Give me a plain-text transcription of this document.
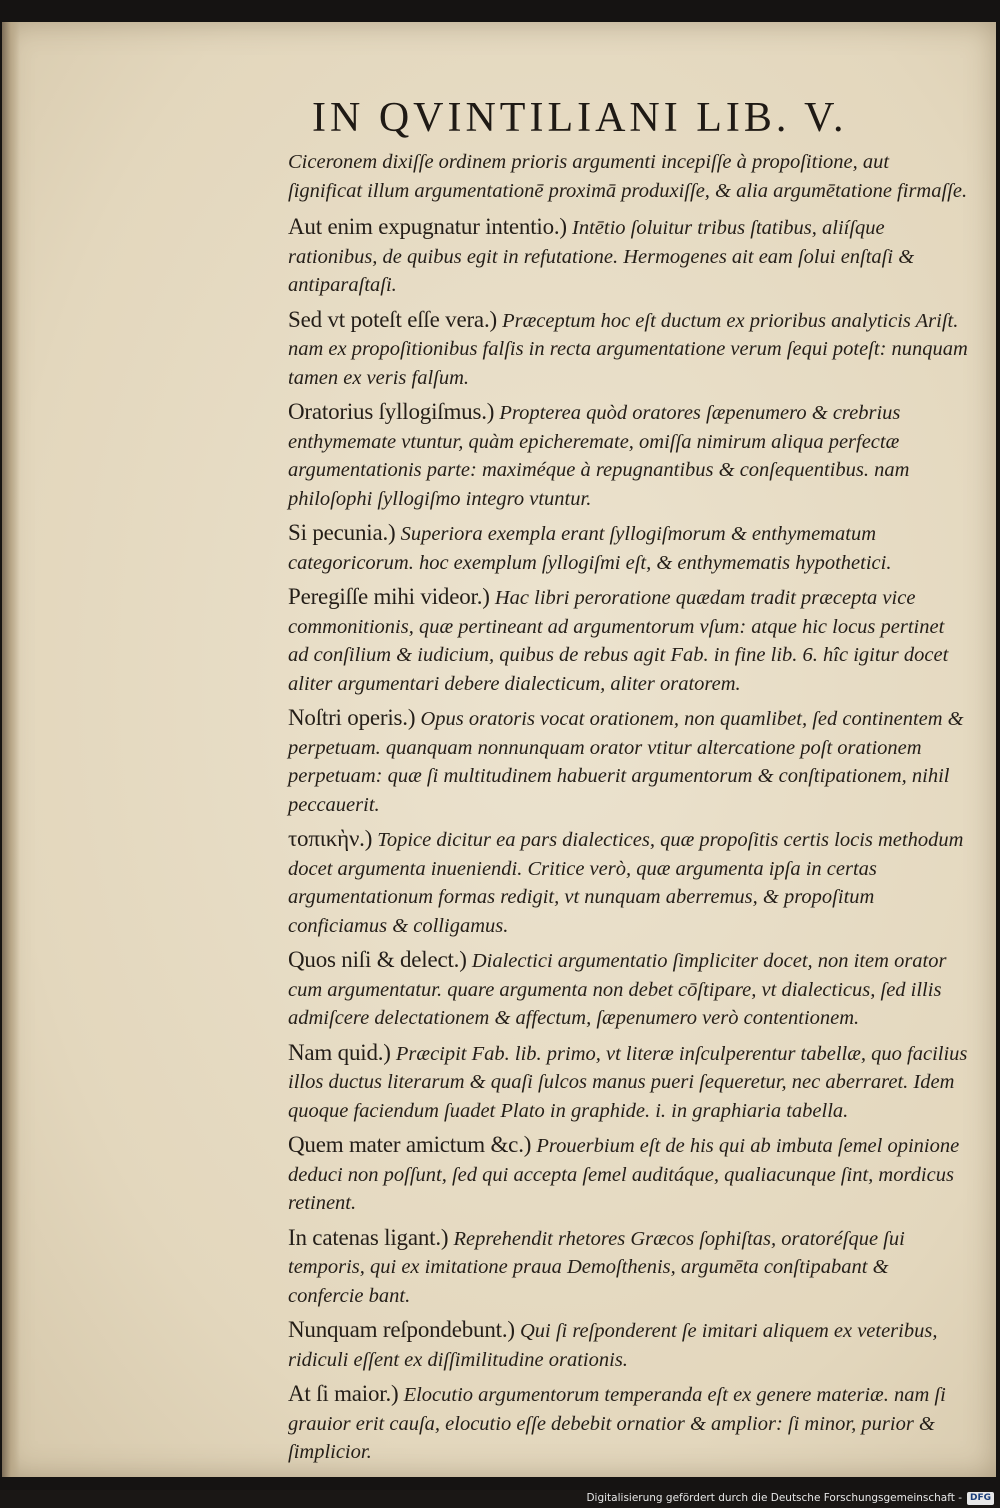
IN QVINTILIANI LIB. V.

Ciceronem dixiſſe ordinem prioris argumenti incepiſſe à propoſitione, aut ſignificat illum argumentationē proximā produxiſſe, & alia argumētatione firmaſſe.

Aut enim expugnatur intentio.) Intētio ſoluitur tribus ſtatibus, aliíſque rationibus, de quibus egit in refutatione. Hermogenes ait eam ſolui enſtaſi & antiparaſtaſi.

Sed vt poteſt eſſe vera.) Præceptum hoc eſt ductum ex prioribus analyticis Ariſt. nam ex propoſitionibus falſis in recta argumentatione verum ſequi poteſt: nunquam tamen ex veris falſum.

Oratorius ſyllogiſmus.) Propterea quòd oratores ſæpenumero & crebrius enthymemate vtuntur, quàm epicheremate, omiſſa nimirum aliqua perfectæ argumentationis parte: maximéque à repugnantibus & conſequentibus. nam philoſophi ſyllogiſmo integro vtuntur.

Si pecunia.) Superiora exempla erant ſyllogiſmorum & enthymematum categoricorum. hoc exemplum ſyllogiſmi eſt, & enthymematis hypothetici.

Peregiſſe mihi videor.) Hac libri peroratione quædam tradit præcepta vice commonitionis, quæ pertineant ad argumentorum vſum: atque hic locus pertinet ad conſilium & iudicium, quibus de rebus agit Fab. in fine lib. 6. hîc igitur docet aliter argumentari debere dialecticum, aliter oratorem.

Noſtri operis.) Opus oratoris vocat orationem, non quamlibet, ſed continentem & perpetuam. quanquam nonnunquam orator vtitur altercatione poſt orationem perpetuam: quæ ſi multitudinem habuerit argumentorum & conſtipationem, nihil peccauerit.

τοπικὴν.) Topice dicitur ea pars dialectices, quæ propoſitis certis locis methodum docet argumenta inueniendi. Critice verò, quæ argumenta ipſa in certas argumentationum formas redigit, vt nunquam aberremus, & propoſitum conficiamus & colligamus.

Quos niſi & delect.) Dialectici argumentatio ſimpliciter docet, non item orator cum argumentatur. quare argumenta non debet cōſtipare, vt dialecticus, ſed illis admiſcere delectationem & affectum, ſæpenumero verò contentionem.

Nam quid.) Præcipit Fab. lib. primo, vt literæ inſculperentur tabellæ, quo facilius illos ductus literarum & quaſi ſulcos manus pueri ſequeretur, nec aberraret. Idem quoque faciendum ſuadet Plato in graphide. i. in graphiaria tabella.

Quem mater amictum &c.) Prouerbium eſt de his qui ab imbuta ſemel opinione deduci non poſſunt, ſed qui accepta ſemel auditáque, qualiacunque ſint, mordicus retinent.

In catenas ligant.) Reprehendit rhetores Græcos ſophiſtas, oratoréſque ſui temporis, qui ex imitatione praua Demoſthenis, argumēta conſtipabant & confercie bant.

Nunquam reſpondebunt.) Qui ſi reſponderent ſe imitari aliquem ex veteribus, ridiculi eſſent ex diſſimilitudine orationis.

At ſi maior.) Elocutio argumentorum temperanda eſt ex genere materiæ. nam ſi grauior erit cauſa, elocutio eſſe debebit ornatior & amplior: ſi minor, purior & ſimplicior.

Digitalisierung gefördert durch die Deutsche Forschungsgemeinschaft - DFG
